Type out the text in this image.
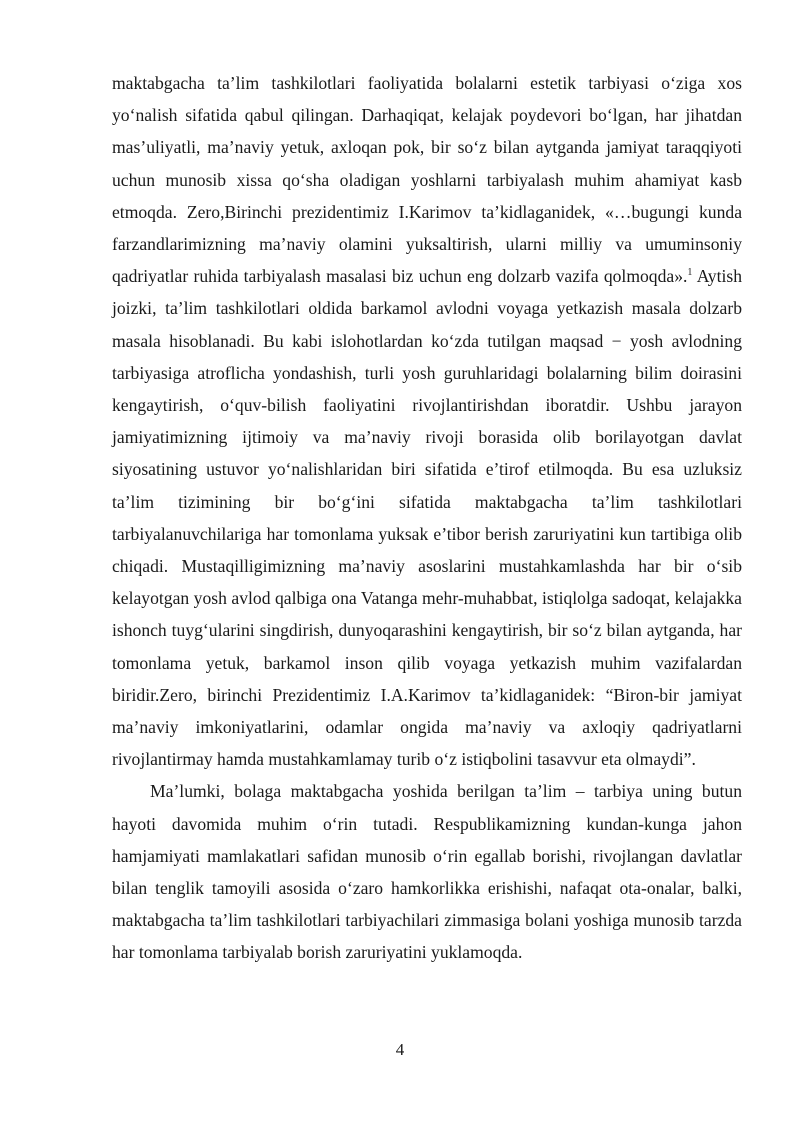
maktabgacha ta’lim tashkilotlari faoliyatida bolalarni estetik tarbiyasi o‘ziga xos yo‘nalish sifatida qabul qilingan. Darhaqiqat, kelajak poydevori bo‘lgan, har jihatdan mas’uliyatli, ma’naviy yetuk, axloqan pok, bir so‘z bilan aytganda jamiyat taraqqiyoti uchun munosib xissa qo‘sha oladigan yoshlarni tarbiyalash muhim ahamiyat kasb etmoqda. Zero,Birinchi prezidentimiz I.Karimov ta’kidlaganidek, «…bugungi kunda farzandlarimizning ma’naviy olamini yuksaltirish, ularni milliy va umuminsoniy qadriyatlar ruhida tarbiyalash masalasi biz uchun eng dolzarb vazifa qolmoqda».$^1$ Aytish joizki, ta’lim tashkilotlari oldida barkamol avlodni voyaga yetkazish masala dolzarb masala hisoblanadi. Bu kabi islohotlardan ko‘zda tutilgan maqsad − yosh avlodning tarbiyasiga atroflicha yondashish, turli yosh guruhlaridagi bolalarning bilim doirasini kengaytirish, o‘quv-bilish faoliyatini rivojlantirishdan iboratdir. Ushbu jarayon jamiyatimizning ijtimoiy va ma’naviy rivoji borasida olib borilayotgan davlat siyosatining ustuvor yo‘nalishlaridan biri sifatida e’tirof etilmoqda. Bu esa uzluksiz ta’lim tizimining bir bo‘g‘ini sifatida maktabgacha ta’lim tashkilotlari tarbiyalanuvchilariga har tomonlama yuksak e’tibor berish zaruriyatini kun tartibiga olib chiqadi. Mustaqilligimizning ma’naviy asoslarini mustahkamlashda har bir o‘sib kelayotgan yosh avlod qalbiga ona Vatanga mehr-muhabbat, istiqlolga sadoqat, kelajakka ishonch tuyg‘ularini singdirish, dunyoqarashini kengaytirish, bir so‘z bilan aytganda, har tomonlama yetuk, barkamol inson qilib voyaga yetkazish muhim vazifalardan biridir.Zero, birinchi Prezidentimiz I.A.Karimov ta’kidlaganidek: “Biron-bir jamiyat ma’naviy imkoniyatlarini, odamlar ongida ma’naviy va axloqiy qadriyatlarni rivojlantirmay hamda mustahkamlamay turib o‘z istiqbolini tasavvur eta olmaydi”.

Ma’lumki, bolaga maktabgacha yoshida berilgan ta’lim – tarbiya uning butun hayoti davomida muhim o‘rin tutadi. Respublikamizning kundan-kunga jahon hamjamiyati mamlakatlari safidan munosib o‘rin egallab borishi, rivojlangan davlatlar bilan tenglik tamoyili asosida o‘zaro hamkorlikka erishishi, nafaqat ota-onalar, balki, maktabgacha ta’lim tashkilotlari tarbiyachilari zimmasiga bolani yoshiga munosib tarzda har tomonlama tarbiyalab borish zaruriyatini yuklamoqda.

4
